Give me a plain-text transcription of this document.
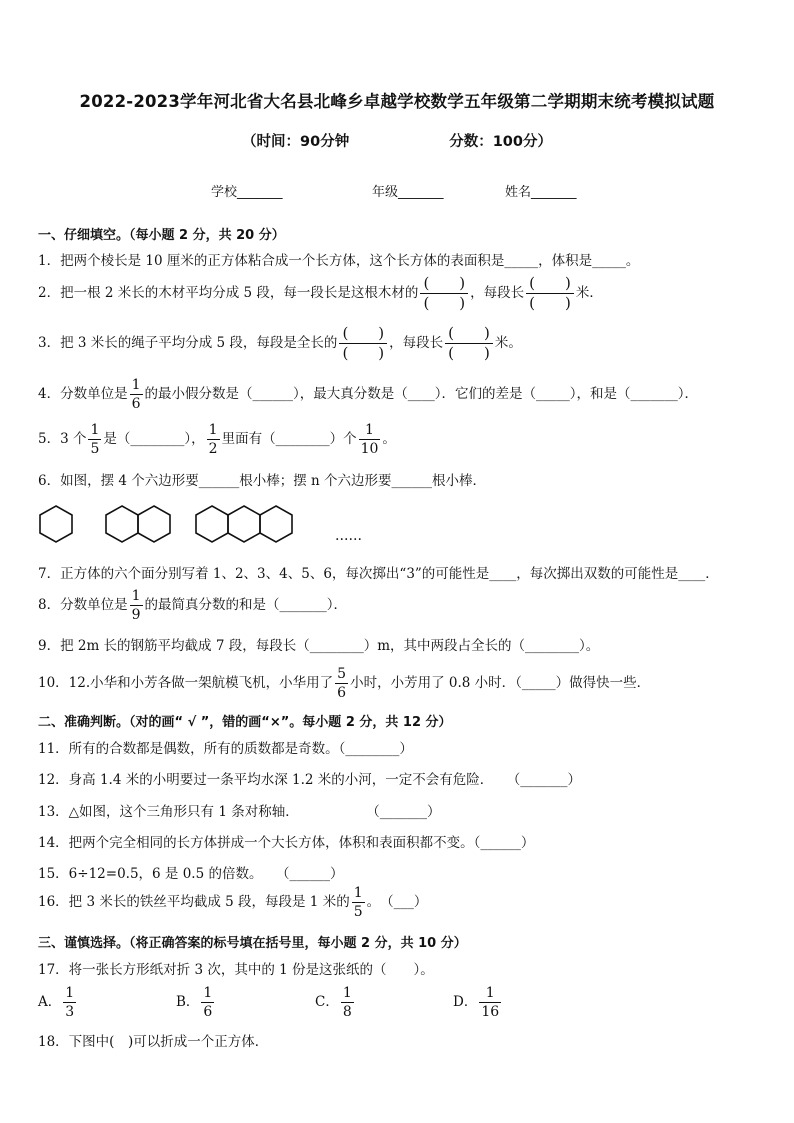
2022-2023学年河北省大名县北峰乡卓越学校数学五年级第二学期期末统考模拟试题
（时间：90分钟	分数：100分）
学校_______	年级_______	姓名_______
一、仔细填空。（每小题 2 分，共 20 分）
1．把两个棱长是 10 厘米的正方体粘合成一个长方体，这个长方体的表面积是_____，体积是_____。
2．把一根 2 米长的木材平均分成 5 段，每一段长是这根木材的 $\frac{( )}{( )}$ ，每段长 $\frac{( )}{( )}$ 米．
3．把 3 米长的绳子平均分成 5 段，每段是全长的 $\frac{( )}{( )}$ ，每段长 $\frac{( )}{( )}$ 米。
4．分数单位是 $\frac{1}{6}$ 的最小假分数是（______），最大真分数是（____）．它们的差是（_____），和是（_______）．
5．3 个 $\frac{1}{5}$ 是（________）， $\frac{1}{2}$ 里面有（________）个 $\frac{1}{10}$ 。
6．如图，摆 4 个六边形要______根小棒；摆 n 个六边形要______根小棒．
……
7．正方体的六个面分别写着 1、2、3、4、5、6，每次掷出“3”的可能性是____，每次掷出双数的可能性是____．
8．分数单位是 $\frac{1}{9}$ 的最简真分数的和是（_______）．
9．把 2m 长的钢筋平均截成 7 段，每段长（________）m，其中两段占全长的（________）。
10．12.小华和小芳各做一架航模飞机，小华用了 $\frac{5}{6}$ 小时，小芳用了 0.8 小时．（_____）做得快一些．
二、准确判断。（对的画“ √ ”，错的画“×”。每小题 2 分，共 12 分）
11．所有的合数都是偶数，所有的质数都是奇数。（________）
12．身高 1.4 米的小明要过一条平均水深 1.2 米的小河，一定不会有危险．　　（_______）
13．△如图，这个三角形只有 1 条对称轴．　　　　　　（_______）
14．把两个完全相同的长方体拼成一个大长方体，体积和表面积都不变。（______）
15．6÷12=0.5，6 是 0.5 的倍数。　　（______）
16．把 3 米长的铁丝平均截成 5 段，每段是 1 米的 $\frac{1}{5}$ 。　（___）
三、谨慎选择。（将正确答案的标号填在括号里，每小题 2 分，共 10 分）
17．将一张长方形纸对折 3 次，其中的 1 份是这张纸的（　　）。
A． $\frac{1}{3}$	B． $\frac{1}{6}$	C． $\frac{1}{8}$	D． $\frac{1}{16}$
18．下图中(　)可以折成一个正方体．
